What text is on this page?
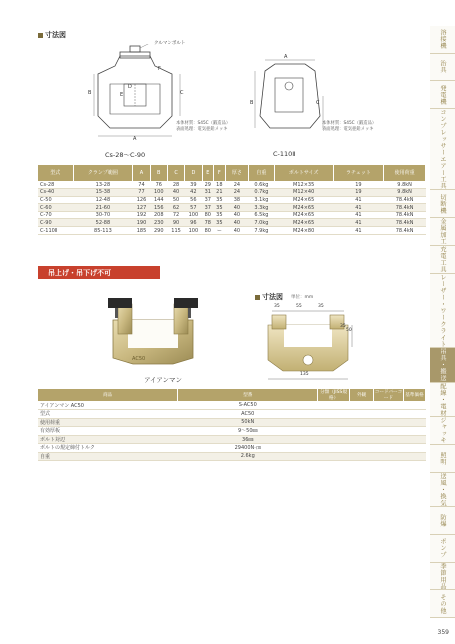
寸法図
クルマンボルト
F
E
D
A
B	C
本体材質：S45C（鍛造品）
表面処理：電気亜鉛メッキ
Cs-28～C-90
A
B	C
本体材質：S45C（鍛造品）
表面処理：電気亜鉛メッキ
C-110Ⅱ
型式	クランプ範囲	A	B	C	D	E	F	厚さ	自重	ボルトサイズ	ラチェット	使用荷重
Cs-28	13-28	74	76	28	39	29	18	24	0.6kg	M12×35	19	9.8kN
Cs-40	15-38	77	100	40	42	31	21	24	0.7kg	M12×40	19	9.8kN
C-50	12-48	126	144	50	56	37	35	38	3.1kg	M24×65	41	78.4kN
C-60	21-60	127	156	62	57	37	35	40	3.3kg	M24×65	41	78.4kN
C-70	30-70	192	208	72	100	80	35	40	6.5kg	M24×65	41	78.4kN
C-90	52-88	190	230	90	96	78	35	40	7.0kg	M24×65	41	78.4kN
C-110Ⅱ	85-113	185	290	115	100	80	ー	40	7.9kg	M24×80	41	78.4kN
吊上げ・吊下げ不可
AC50
アイアンマン
寸法図 単位：mm
35	55	35
35
50
135
商品	型番	分類（JISS規格）	外観	コードバーコード	基準価格
アイアンマン AC50	S-AC50				
型式	AC50				
使用荷重	50kN				
有効厚板	9～50㎜				
ボルト対辺	36㎜				
ボルトの規定締付トルク	29400N·㎝				
自重	2.6kg				
溶接機
治具
発電機
コンプレッサーエアー工具
切断機
金属加工
充電工具
レーザー・ワークライト
吊具・搬送
配線・電材
ジャッキ
照明
送風・換気
防爆
ポンプ
季節用品
その他
359
